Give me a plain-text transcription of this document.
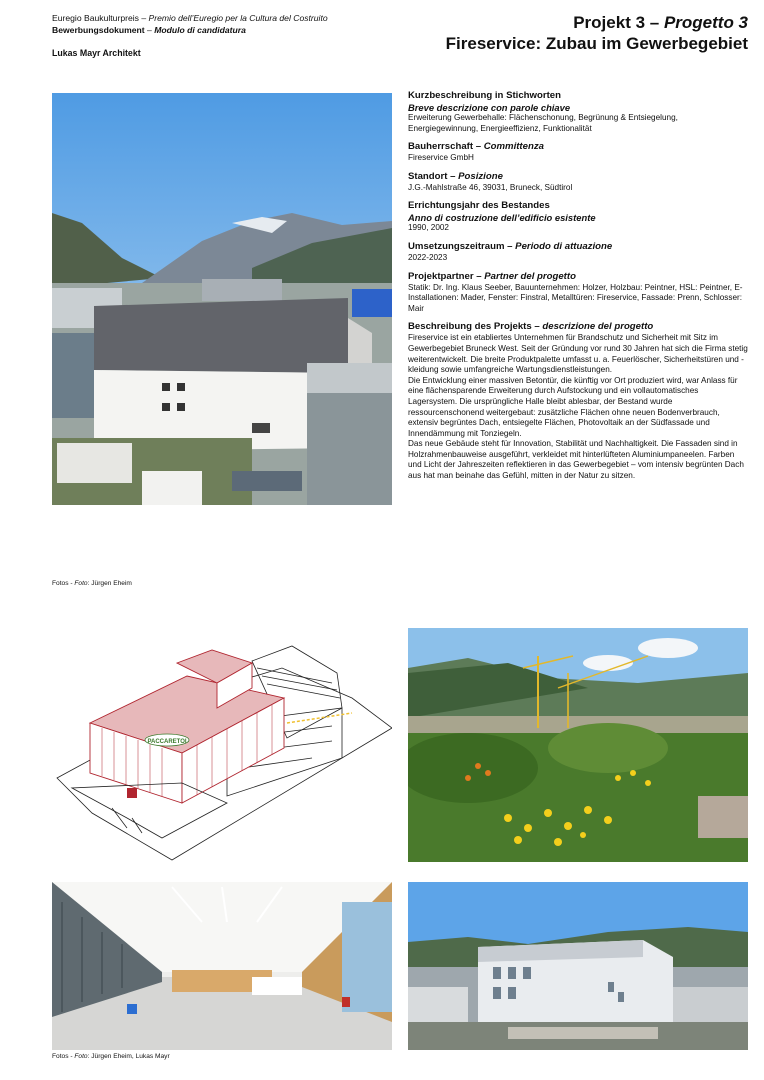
Euregio Baukulturpreis – Premio dell’Euregio per la Cultura del Costruito
Bewerbungsdokument – Modulo di candidatura
Lukas Mayr Architekt
Projekt 3 – Progetto 3
Fireservice: Zubau im Gewerbegebiet
Kurzbeschreibung in Stichworten
Breve descrizione con parole chiave

Erweiterung Gewerbehalle: Flächenschonung, Begrünung & Entsiegelung, Energiegewinnung, Energieeffizienz, Funktionalität

Bauherrschaft – Committenza

Fireservice GmbH

Standort – Posizione

J.G.-Mahlstraße 46, 39031, Bruneck, Südtirol

Errichtungsjahr des Bestandes
Anno di costruzione dell’edificio esistente

1990, 2002

Umsetzungszeitraum – Periodo di attuazione

2022-2023

Projektpartner – Partner del progetto

Statik: Dr. Ing. Klaus Seeber, Bauunternehmen: Holzer, Holzbau: Peintner, HSL: Peintner, E-Installationen: Mader, Fenster: Finstral, Metalltüren: Fireservice, Fassade: Prenn, Schlosser: Mair

Beschreibung des Projekts – descrizione del progetto

Fireservice ist ein etabliertes Unternehmen für Brandschutz und Sicherheit mit Sitz im Gewerbegebiet Bruneck West. Seit der Gründung vor rund 30 Jahren hat sich die Firma stetig weiterentwickelt. Die breite Produktpalette umfasst u. a. Feuerlöscher, Sicherheitstüren und -kleidung sowie umfangreiche Wartungsdienstleistungen.

Die Entwicklung einer massiven Betontür, die künftig vor Ort produziert wird, war Anlass für eine flächensparende Erweiterung durch Aufstockung und ein vollautomatisches Lagersystem. Die ursprüngliche Halle bleibt ablesbar, der Bestand wurde ressourcenschonend weitergebaut: zusätzliche Flächen ohne neuen Bodenverbrauch, extensiv begrüntes Dach, entsiegelte Flächen, Photovoltaik an der Südfassade und Innendämmung mit Tonziegeln.

Das neue Gebäude steht für Innovation, Stabilität und Nachhaltigkeit. Die Fassaden sind in Holzrahmenbauweise ausgeführt, verkleidet mit hinterlüfteten Aluminiumpaneelen. Farben und Licht der Jahreszeiten reflektieren in das Gewerbegebiet – vom intensiv begrünten Dach aus hat man beinahe das Gefühl, mitten in der Natur zu sitzen.

Fotos - Foto: Jürgen Eheim
PACCARETOI
Fotos - Foto: Jürgen Eheim, Lukas Mayr
